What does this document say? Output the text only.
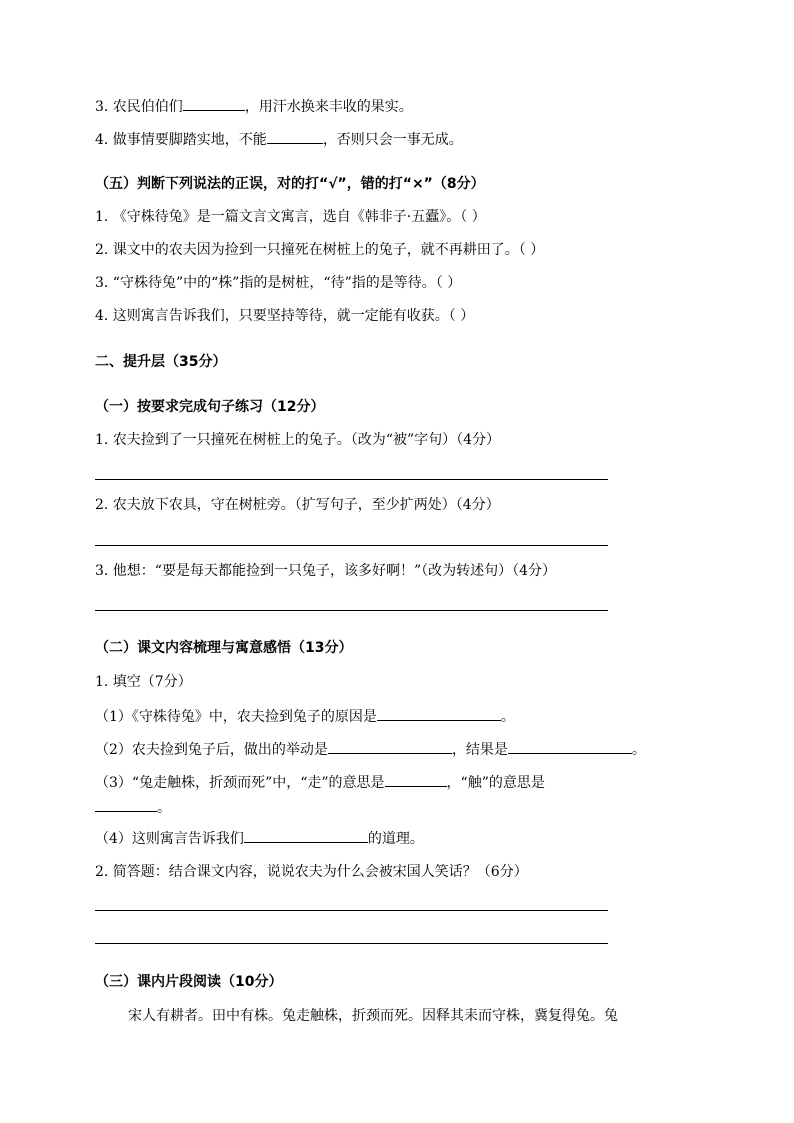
3. 农民伯伯们	，用汗水换来丰收的果实。
4. 做事情要脚踏实地，不能	，否则只会一事无成。
（五）判断下列说法的正误，对的打“√”，错的打“×”（8分）
1. 《守株待兔》是一篇文言文寓言，选自《韩非子·五蠹》。（ ）
2. 课文中的农夫因为捡到一只撞死在树桩上的兔子，就不再耕田了。（ ）
3. “守株待兔”中的“株”指的是树桩，“待”指的是等待。（ ）
4. 这则寓言告诉我们，只要坚持等待，就一定能有收获。（ ）
二、提升层（35分）
（一）按要求完成句子练习（12分）
1. 农夫捡到了一只撞死在树桩上的兔子。（改为“被”字句）（4分）
2. 农夫放下农具，守在树桩旁。（扩写句子，至少扩两处）（4分）
3. 他想：“要是每天都能捡到一只兔子，该多好啊！”（改为转述句）（4分）
（二）课文内容梳理与寓意感悟（13分）
1. 填空（7分）
（1）《守株待兔》中，农夫捡到兔子的原因是	。
（2）农夫捡到兔子后，做出的举动是	，结果是	。
（3）“兔走触株，折颈而死”中，“走”的意思是	，“触”的意思是
。
（4）这则寓言告诉我们	的道理。
2. 简答题：结合课文内容，说说农夫为什么会被宋国人笑话？（6分）
（三）课内片段阅读（10分）
宋人有耕者。田中有株。兔走触株，折颈而死。因释其耒而守株，冀复得兔。兔
